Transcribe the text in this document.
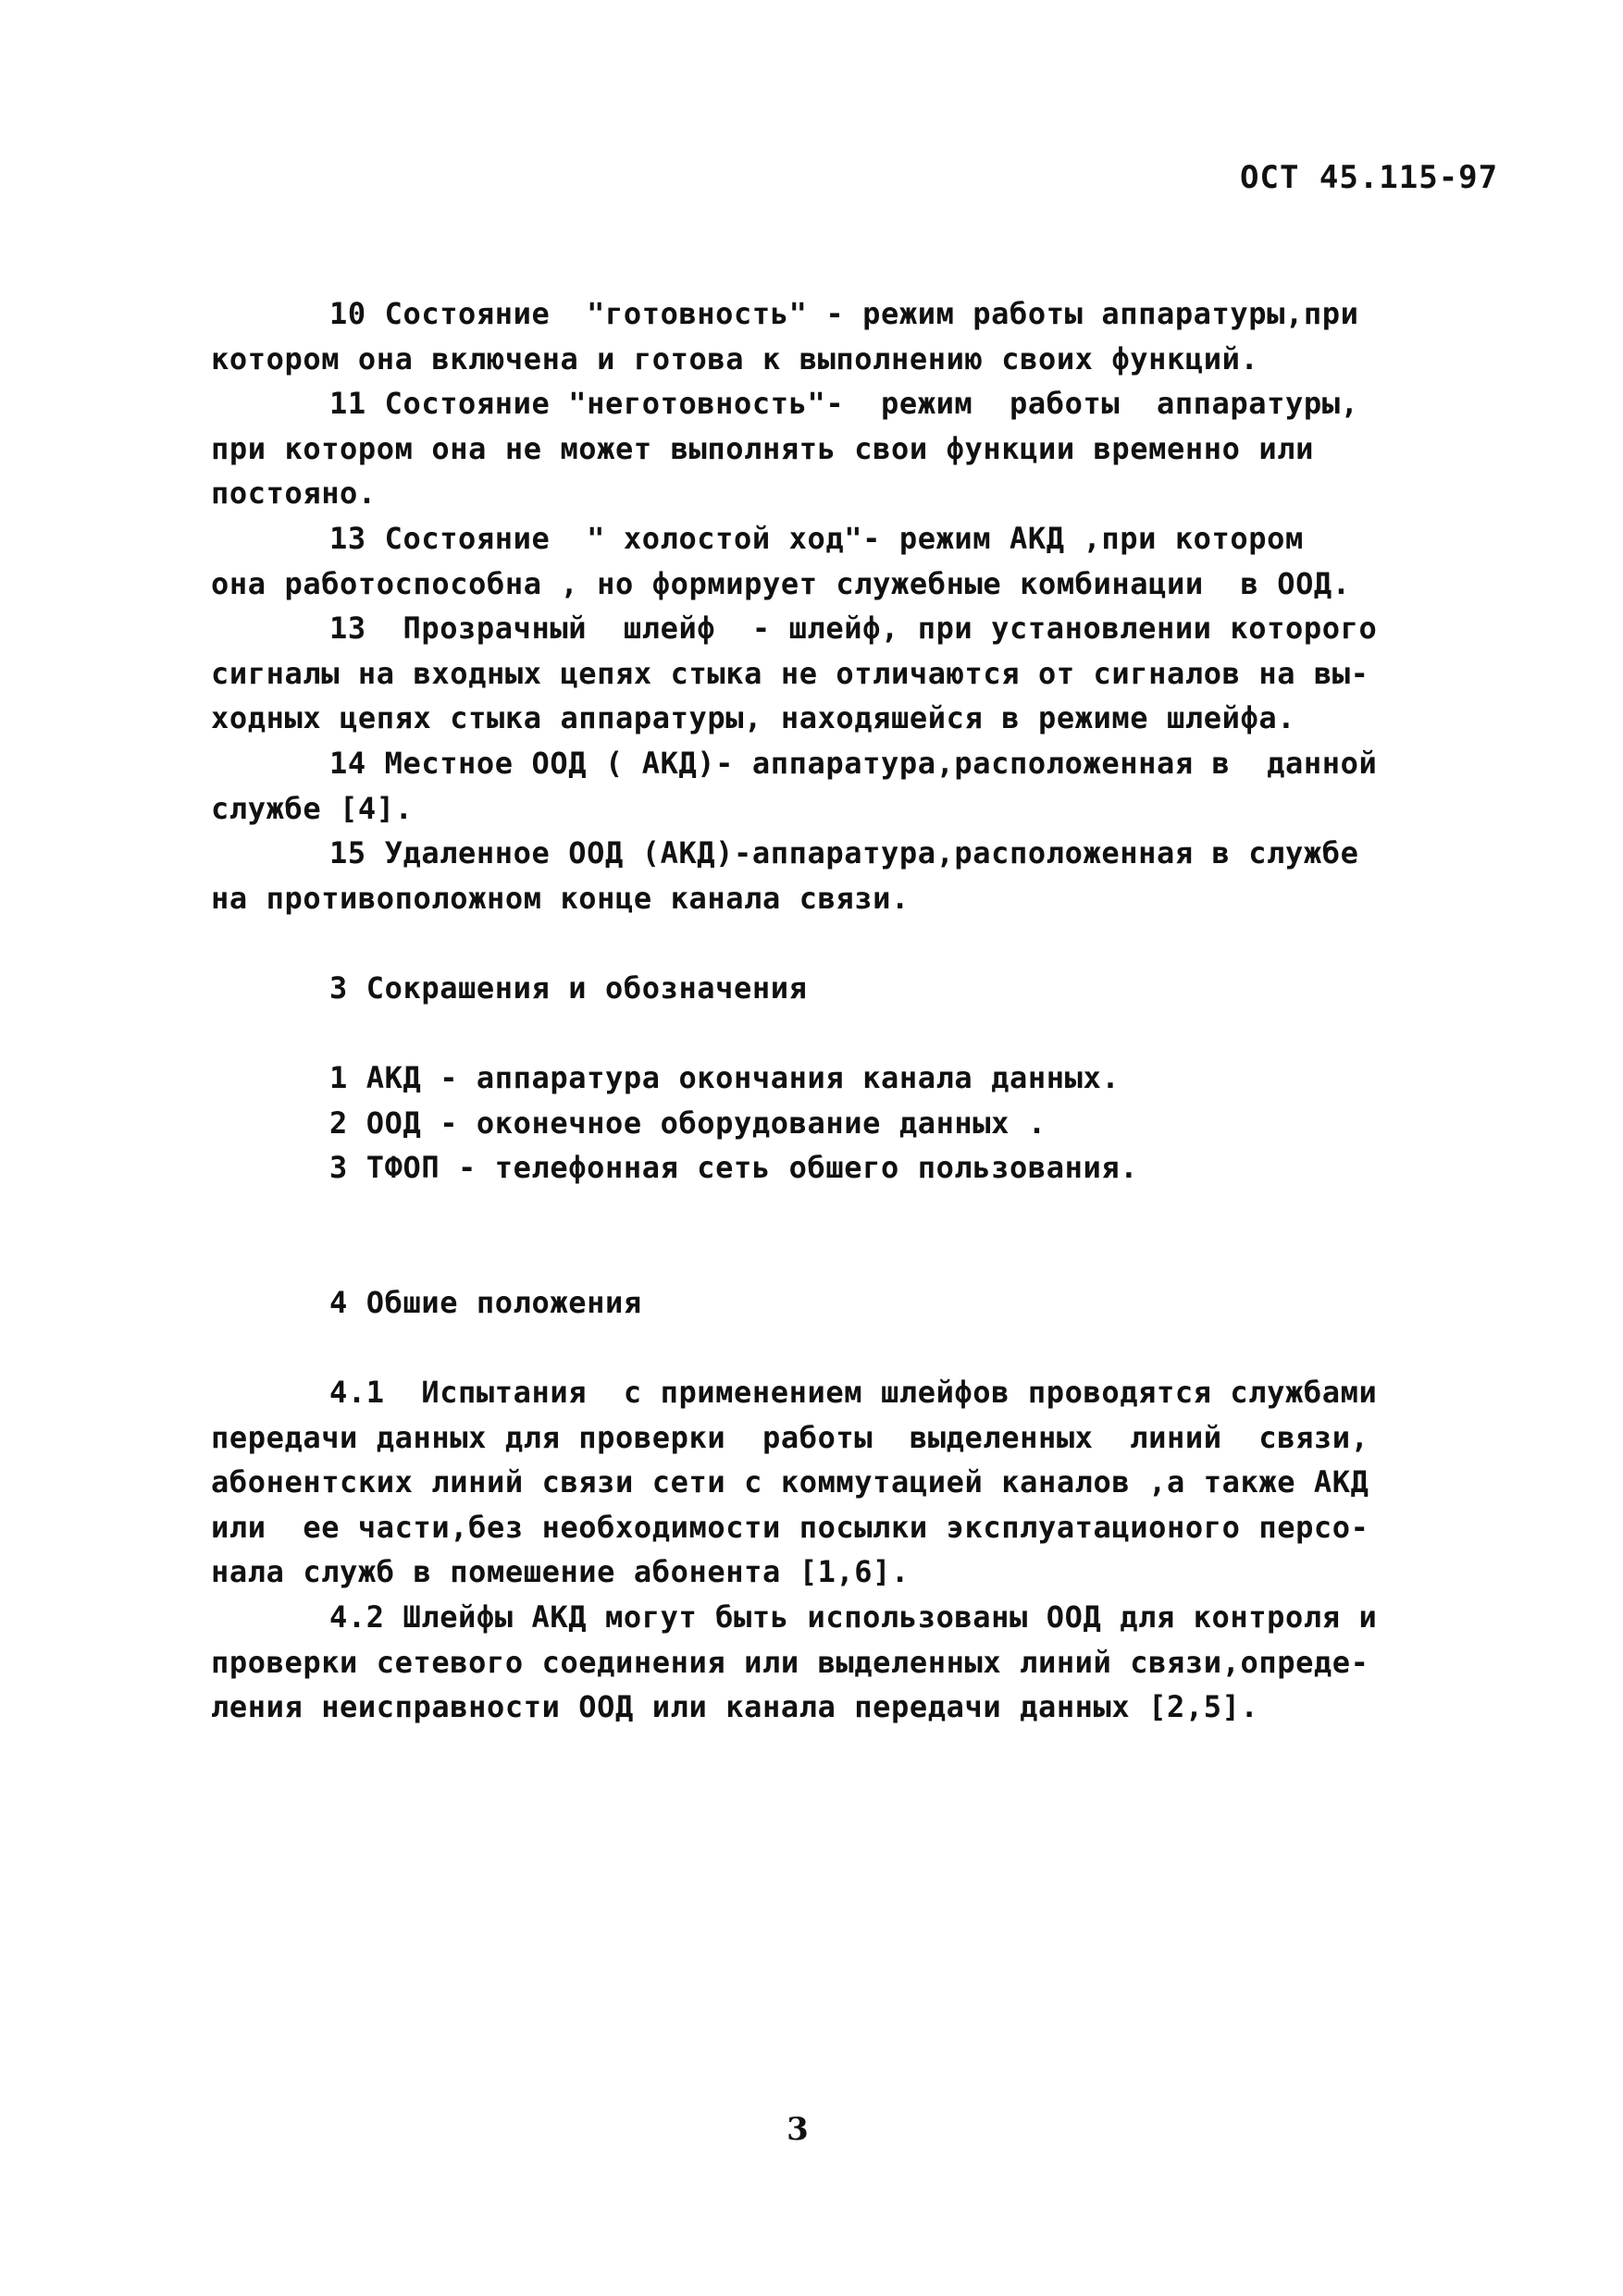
ОСТ 45.115-97
10 Состояние  "готовность" - режим работы аппаратуры,при
котором она включена и готова к выполнению своих функций.
11 Состояние "неготовность"-  режим  работы  аппаратуры,
при котором она не может выполнять свои функции временно или
постояно.
13 Состояние  " холостой ход"- режим АКД ,при котором
она работоспособна , но формирует служебные комбинации  в ООД.
13  Прозрачный  шлейф  - шлейф, при установлении которого
сигналы на входных цепях стыка не отличаются от сигналов на вы-
ходных цепях стыка аппаратуры, находяшейся в режиме шлейфа.
14 Местное ООД ( АКД)- аппаратура,расположенная в  данной
службе [4].
15 Удаленное ООД (АКД)-аппаратура,расположенная в службе
на противоположном конце канала связи.
3 Сокрашения и обозначения
1 АКД - аппаратура окончания канала данных.
2 ООД - оконечное оборудование данных .
3 ТФОП - телефонная сеть обшего пользования.
4 Обшие положения
4.1  Испытания  с применением шлейфов проводятся службами
передачи данных для проверки  работы  выделенных  линий  связи,
абонентских линий связи сети с коммутацией каналов ,а также АКД
или  ее части,без необходимости посылки эксплуатационого персо-
нала служб в помешение абонента [1,6].
4.2 Шлейфы АКД могут быть использованы ООД для контроля и
проверки сетевого соединения или выделенных линий связи,опреде-
ления неисправности ООД или канала передачи данных [2,5].
3
